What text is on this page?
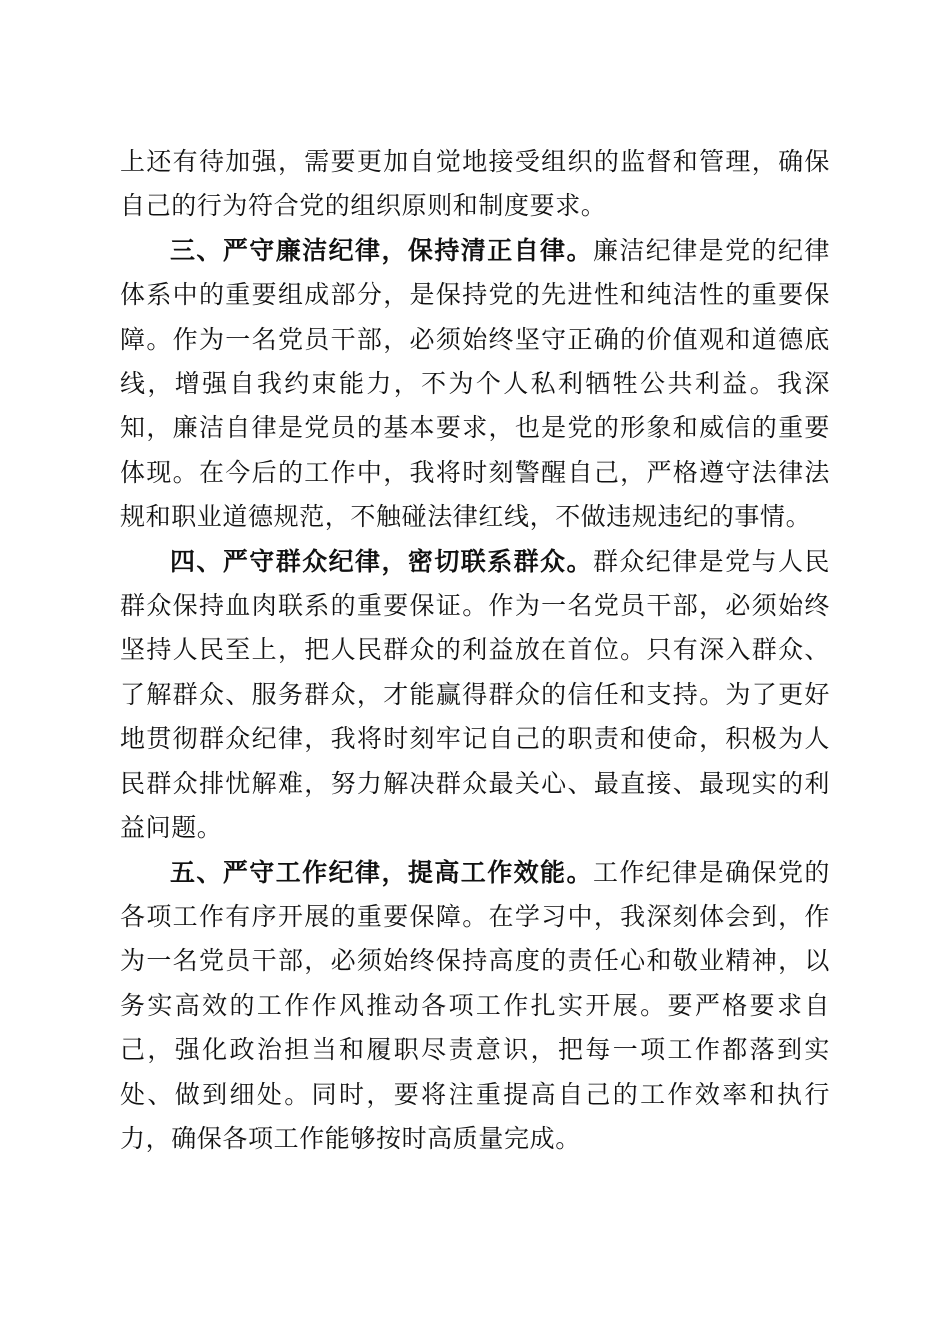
上还有待加强，需要更加自觉地接受组织的监督和管理，确保自己的行为符合党的组织原则和制度要求。

三、严守廉洁纪律，保持清正自律。廉洁纪律是党的纪律体系中的重要组成部分，是保持党的先进性和纯洁性的重要保障。作为一名党员干部，必须始终坚守正确的价值观和道德底线，增强自我约束能力，不为个人私利牺牲公共利益。我深知，廉洁自律是党员的基本要求，也是党的形象和威信的重要体现。在今后的工作中，我将时刻警醒自己，严格遵守法律法规和职业道德规范，不触碰法律红线，不做违规违纪的事情。

四、严守群众纪律，密切联系群众。群众纪律是党与人民群众保持血肉联系的重要保证。作为一名党员干部，必须始终坚持人民至上，把人民群众的利益放在首位。只有深入群众、了解群众、服务群众，才能赢得群众的信任和支持。为了更好地贯彻群众纪律，我将时刻牢记自己的职责和使命，积极为人民群众排忧解难，努力解决群众最关心、最直接、最现实的利益问题。

五、严守工作纪律，提高工作效能。工作纪律是确保党的各项工作有序开展的重要保障。在学习中，我深刻体会到，作为一名党员干部，必须始终保持高度的责任心和敬业精神，以务实高效的工作作风推动各项工作扎实开展。要严格要求自己，强化政治担当和履职尽责意识，把每一项工作都落到实处、做到细处。同时，要将注重提高自己的工作效率和执行力，确保各项工作能够按时高质量完成。
